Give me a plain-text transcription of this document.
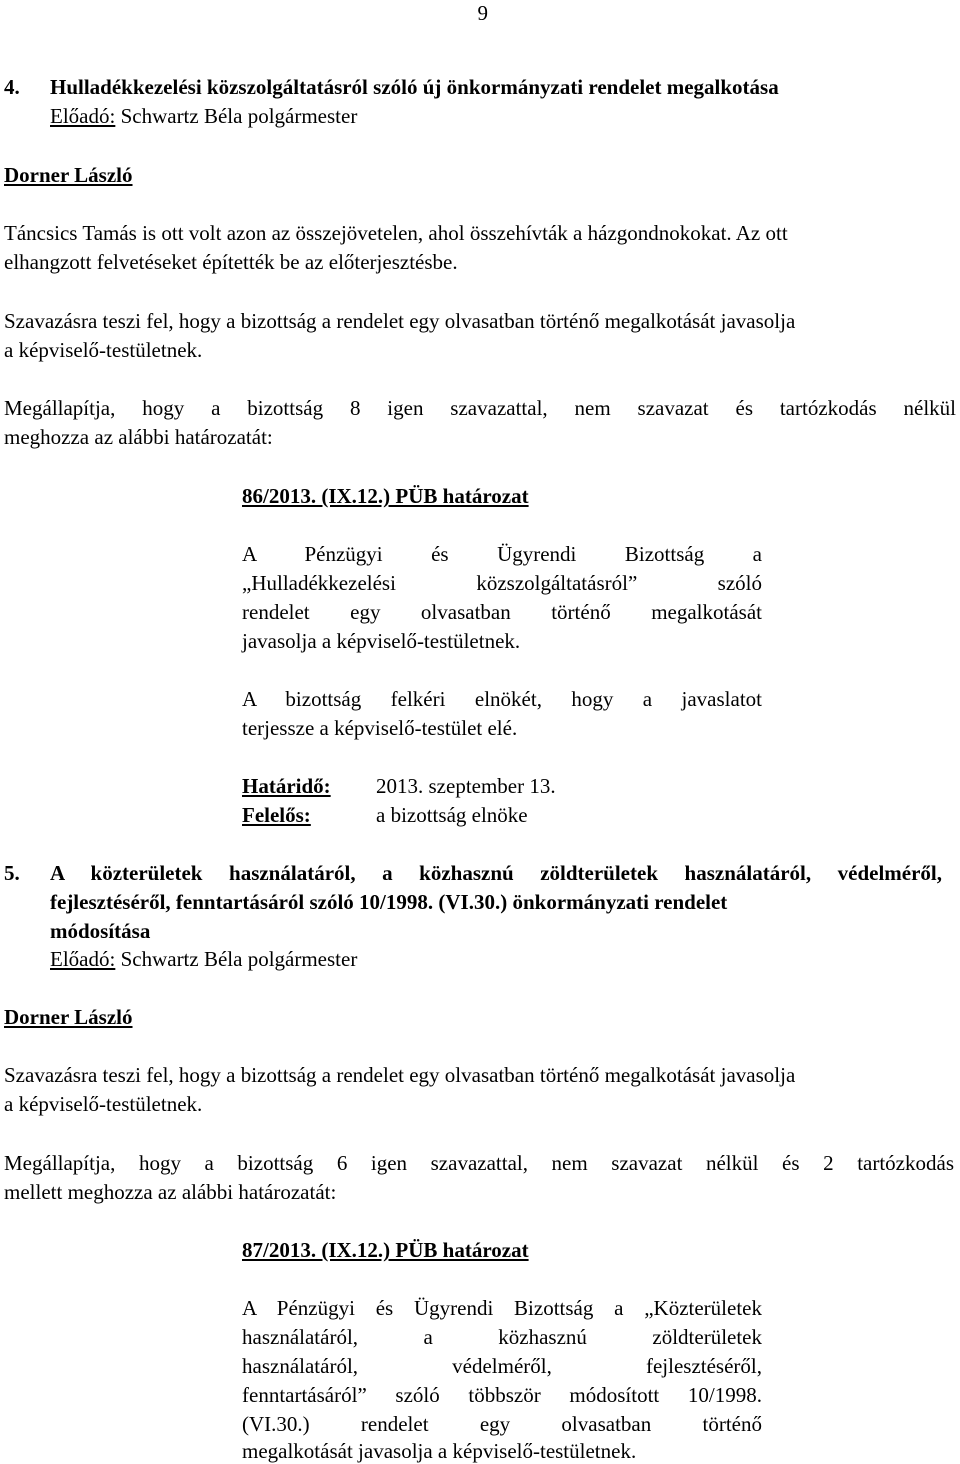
9
4. Hulladékkezelési közszolgáltatásról szóló új önkormányzati rendelet megalkotása
Előadó: Schwartz Béla polgármester
Dorner László
Táncsics Tamás is ott volt azon az összejövetelen, ahol összehívták a házgondnokokat. Az ott
elhangzott felvetéseket építették be az előterjesztésbe.
Szavazásra teszi fel, hogy a bizottság a rendelet egy olvasatban történő megalkotását javasolja
a képviselő-testületnek.
Megállapítja, hogy a bizottság 8 igen szavazattal, nem szavazat és tartózkodás nélkül
meghozza az alábbi határozatát:
86/2013. (IX.12.) PÜB határozat
A Pénzügyi és Ügyrendi Bizottság a
„Hulladékkezelési közszolgáltatásról” szóló
rendelet egy olvasatban történő megalkotását
javasolja a képviselő-testületnek.
A bizottság felkéri elnökét, hogy a javaslatot
terjessze a képviselő-testület elé.
Határidő: 2013. szeptember 13.
Felelős:	a bizottság elnöke
5. A közterületek használatáról, a közhasznú zöldterületek használatáról, védelméről,
fejlesztéséről, fenntartásáról szóló 10/1998. (VI.30.) önkormányzati rendelet
módosítása
Előadó: Schwartz Béla polgármester
Dorner László
Szavazásra teszi fel, hogy a bizottság a rendelet egy olvasatban történő megalkotását javasolja
a képviselő-testületnek.
Megállapítja, hogy a bizottság 6 igen szavazattal, nem szavazat nélkül és 2 tartózkodás
mellett meghozza az alábbi határozatát:
87/2013. (IX.12.) PÜB határozat
A Pénzügyi és Ügyrendi Bizottság a „Közterületek
használatáról, a közhasznú zöldterületek
használatáról, védelméről, fejlesztéséről,
fenntartásáról” szóló többször módosított 10/1998.
(VI.30.) rendelet egy olvasatban történő
megalkotását javasolja a képviselő-testületnek.
